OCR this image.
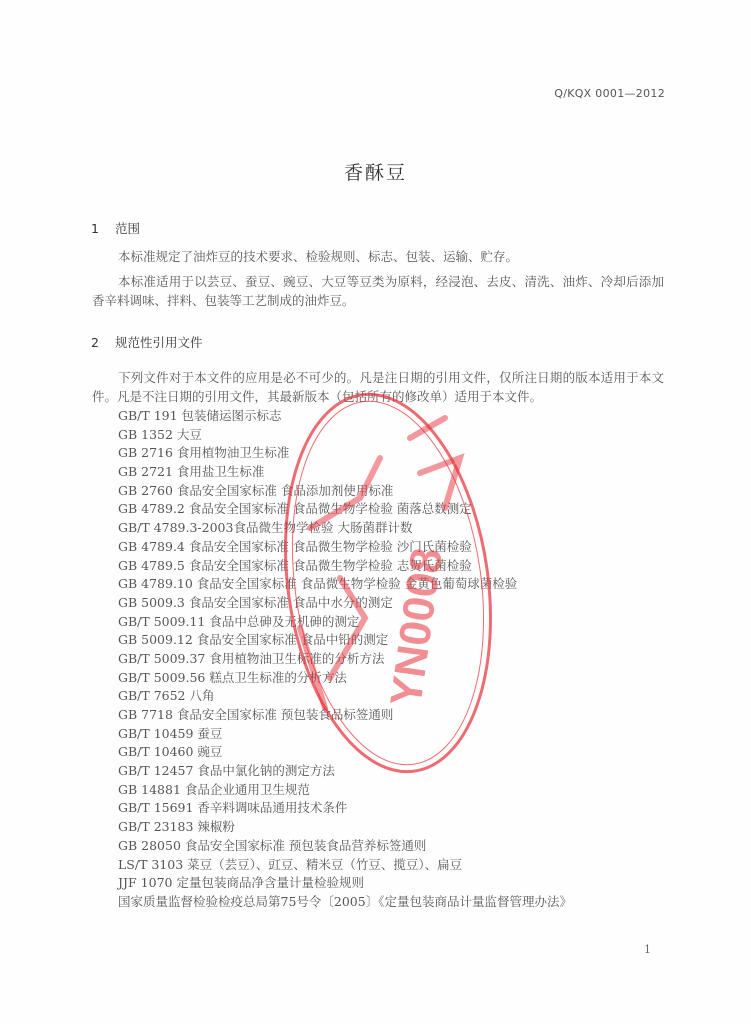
Q/KQX 0001—2012
香酥豆
1 范围

本标准规定了油炸豆的技术要求、检验规则、标志、包装、运输、贮存。

本标准适用于以芸豆、蚕豆、豌豆、大豆等豆类为原料，经浸泡、去皮、清洗、油炸、冷却后添加香辛料调味、拌料、包装等工艺制成的油炸豆。

2 规范性引用文件

下列文件对于本文件的应用是必不可少的。凡是注日期的引用文件，仅所注日期的版本适用于本文件。凡是不注日期的引用文件，其最新版本（包括所有的修改单）适用于本文件。

GB/T 191 包装储运图示标志
GB 1352 大豆
GB 2716 食用植物油卫生标准
GB 2721 食用盐卫生标准
GB 2760 食品安全国家标准 食品添加剂使用标准
GB 4789.2 食品安全国家标准 食品微生物学检验 菌落总数测定
GB/T 4789.3-2003食品微生物学检验 大肠菌群计数
GB 4789.4 食品安全国家标准 食品微生物学检验 沙门氏菌检验
GB 4789.5 食品安全国家标准 食品微生物学检验 志贺氏菌检验
GB 4789.10 食品安全国家标准 食品微生物学检验 金黄色葡萄球菌检验
GB 5009.3 食品安全国家标准 食品中水分的测定
GB/T 5009.11 食品中总砷及无机砷的测定
GB 5009.12 食品安全国家标准 食品中铅的测定
GB/T 5009.37 食用植物油卫生标准的分析方法
GB/T 5009.56 糕点卫生标准的分析方法
GB/T 7652 八角
GB 7718 食品安全国家标准 预包装食品标签通则
GB/T 10459 蚕豆
GB/T 10460 豌豆
GB/T 12457 食品中氯化钠的测定方法
GB 14881 食品企业通用卫生规范
GB/T 15691 香辛料调味品通用技术条件
GB/T 23183 辣椒粉
GB 28050 食品安全国家标准 预包装食品营养标签通则
LS/T 3103 菜豆（芸豆）、豇豆、精米豆（竹豆、揽豆）、扁豆
JJF 1070 定量包装商品净含量计量检验规则
国家质量监督检验检疫总局第75号令〔2005〕《定量包装商品计量监督管理办法》
YN0008
1
